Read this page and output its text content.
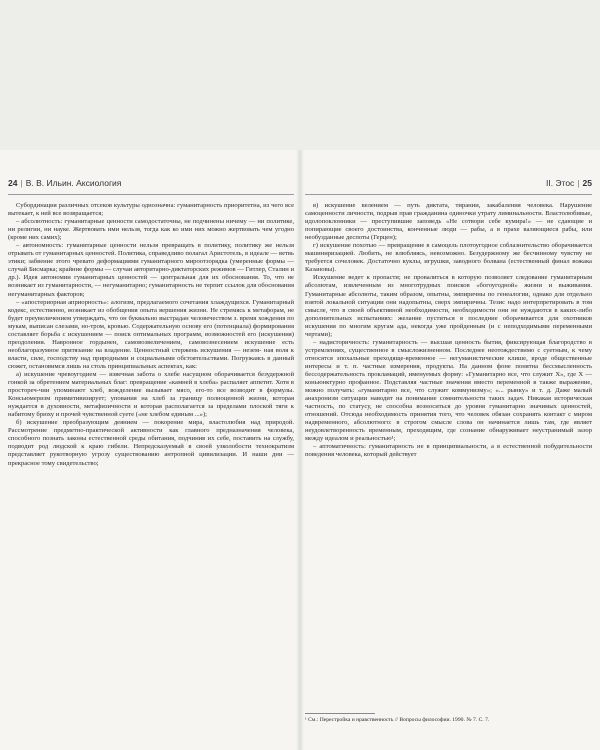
24 | В. В. Ильин. Аксиология

Субординация различных отсеков культуры однозначна: гуманитарность приоритетна, из чего все вытекает, к ней все возвращается;

– абсолютность: гуманитарные ценности самодостаточны, не подчинены ничему — ни политике, ни религии, ни науке. Жертвовать ими нельзя, тогда как ко ими них можно жертвовать чем угодно (кроме них самих);

– автономность: гуманитарные ценности нельзя превращать в политику, политику же нельзя отрывать от гуманитарных ценностей. Политика, справедливо полагал Аристотель, в идеале — ветвь этики; забвение этого чревато деформациями гуманитарного мироотзорядка (умеренные формы — случай Бисмарка; крайние формы — случаи авторитарно-диктаторских режимов — Гитлер, Сталин и др.). Идея автономии гуманитарных ценностей — центральная для их обоснования. То, что не возникает из гуманитарности, — негуманитарно; гуманитарность не терпит ссылок для обоснования негуманитарных факторов;

– «апостериорная априорность»: алогизм, предлагаемого сочетания хлаждущихся. Гуманитарный кодекс, естественно, возникает из обобщения опыта вершения жизни. Не стремясь к метафорам, не будет преувеличением утверждать, что он буквально выстрадан человечеством з. время хождения по мукам, выписан слезами, но-тром, кровью. Содержательную основу его (потенциала) формирования составляет борьба с искушением — поиск оптимальных программ, возможностей его (искушения) преодоления. Навронное гордынен, самовозвеличением, самовознесением искушение есть необлагоразумное притязание на владение. Ценностный стержень искушения — незем- ная воля к власти, силе, господству над природными и социальными обстоятельствами. Погружаясь в данный сюжет, остановимся лишь на столь принципиальных аспектах, как:

а) искушение чревоугодием — извечная забота о хлебе насущном оборачивается безудержной гонкой за обретением материальных благ: превращение «камней в хлеба» распаляет аппетит. Хотя в простореч-чии упоминают хлеб, вожделение вызывает мясо, его-то все возводит в формулы. Консьюмеризм примитивизирует; упования на хлеб за границу полноценной жизни, которая нуждается в духовности, метафизичности и которая располагается за пределами плоской тяги к набитому брюху и прочей чувственной суете («не хлебом единым ...»);

б) искушение преобразующим деянием — покорение мира, властолюбия над природой. Рассмотрение предметно-практической активности как главного предназначения человека, способного познать законы естественной среды обитания, подчинив их себе, поставить на службу, подводит род людской к краю гибели. Непредсказуемый в своей узколобости технократизм представляет рукотворную угрозу существованию антропной цивилизации. И наши дни — прекрасное тому свидетельство;

II. Этос | 25

в) искушение велением — путь диктата, тирании, закабаления человека. Нарушение самоценности личности, подрыв прав гражданина одиночки утрату лиминальности. Властолюбивые, идолопоклонники — преступившие заповедь «Не сотвори себе кумира!» — не сдающие и попирающие своего достоинства, конченные люди — рабы, а в прахе валяющиеся рабы, или необузданные деспоты (Герцен);

г) искушение похотью — превращение в самоцель плотоугодное соблазнительство оборачивается машиниризацией. Любить, не влюбляясь, невозможно. Безудержному же бесчинному чувству не требуется сочеловек. Достаточно куклы, игрушки, заводного болвана (естественный финал вожака Казановы).

Искушение ведет к пропасти; не провалиться в которую позволяет следование гуманитарным абсолютам, извлеченным из многотрудных поисков «богоугодной» жизни и выживания. Гуманитарные абсолюты, таким образом, опытны, эмпиричны по генеалогии, однако для отдельно взятой локальной ситуации они надопытны, сверх эмпиричны. Тезис надо интерпретировать в том смысле, что в своей объективной необходимости, необходимости они не нуждаются в каких-либо дополнительных испытаниях: желание пуститься в последние оборачивается для охотников искушения по многим кругам ада, некогда уже пройденным (и с неподходимыми переменными чертами);

– надисторичность: гуманитарность — высшая ценность бытия, фиксирующая благородство в устремлениях, существенное в смысложизненном. Последнее неотождествимо с суетным, к чему относятся эпохальные преходяще-временное — негуманистические клише, вроде общественные интересы и т. п. частные измерения, продукты. На данном фоне понятна бессмысленность бессодержательность прокламаций, именуемых форму: «Гуманитарно все, что служит X», где X — коньюнктурно профанное. Подставляя частные значения вместо переменной в также выражение, можно получать: «гуманитарно все, что служит коммунизму»; «... рынку» и т. д. Даже малый анахронизм ситуации наводит на понимание сомнительности таких задач. Никакая историческая частность, по статусу, не способна возноситься до уровня гуманитарно значимых ценностей, отношений. Отсюда необходимость принятия того, что человек обязан сохранять контакт с миром надвременного, абсолютного: в строгом смысле слова он начинается лишь там, где являет неудовлетворенность временным, преходящим, где сознание обнаруживает неустранимый зазор между идеалом и реальностью¹;

– аптоматичность: гуманитарность не в принципиальности, а в естественной побудительности поведения человека, который действует

¹ См.: Перестройка и нравственность // Вопросы философии. 1990. № 7. С. 7.
